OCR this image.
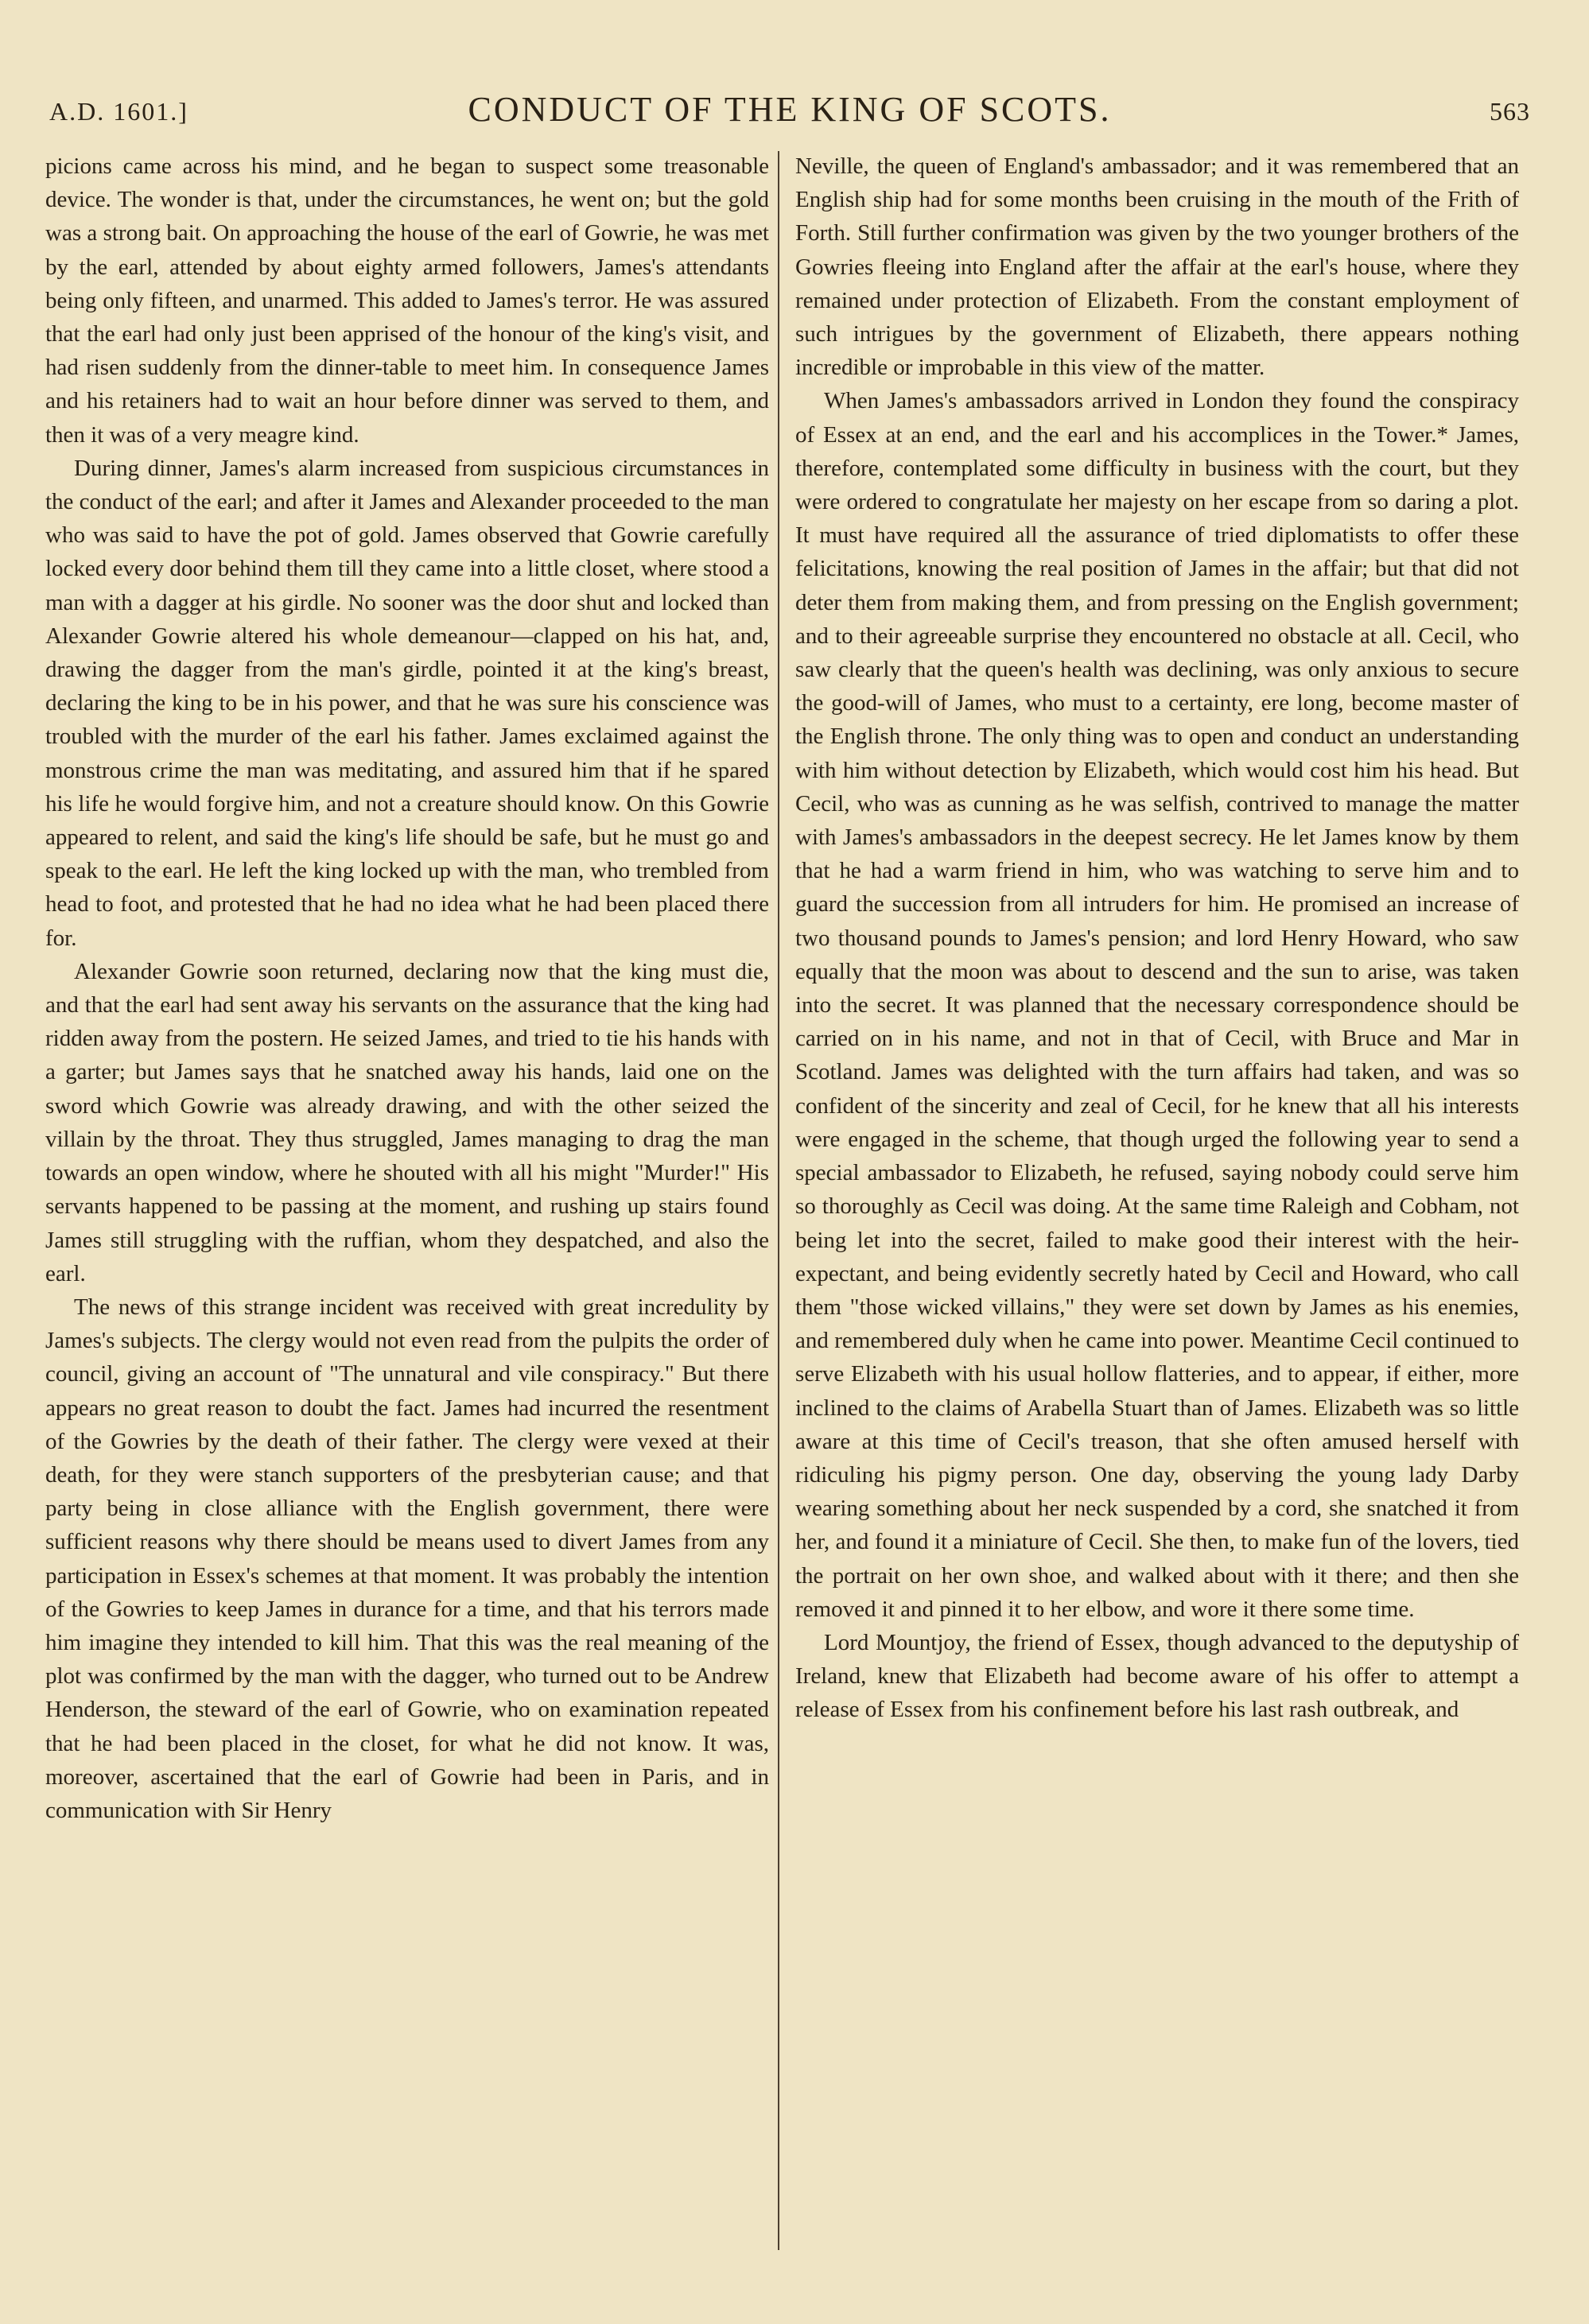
A.D. 1601.]	CONDUCT OF THE KING OF SCOTS.	563

picions came across his mind, and he began to suspect some treasonable device. The wonder is that, under the circumstances, he went on; but the gold was a strong bait. On approaching the house of the earl of Gowrie, he was met by the earl, attended by about eighty armed followers, James's attendants being only fifteen, and unarmed. This added to James's terror. He was assured that the earl had only just been apprised of the honour of the king's visit, and had risen suddenly from the dinner-table to meet him. In consequence James and his retainers had to wait an hour before dinner was served to them, and then it was of a very meagre kind.

During dinner, James's alarm increased from suspicious circumstances in the conduct of the earl; and after it James and Alexander proceeded to the man who was said to have the pot of gold. James observed that Gowrie carefully locked every door behind them till they came into a little closet, where stood a man with a dagger at his girdle. No sooner was the door shut and locked than Alexander Gowrie altered his whole demeanour—clapped on his hat, and, drawing the dagger from the man's girdle, pointed it at the king's breast, declaring the king to be in his power, and that he was sure his conscience was troubled with the murder of the earl his father. James exclaimed against the monstrous crime the man was meditating, and assured him that if he spared his life he would forgive him, and not a creature should know. On this Gowrie appeared to relent, and said the king's life should be safe, but he must go and speak to the earl. He left the king locked up with the man, who trembled from head to foot, and protested that he had no idea what he had been placed there for.

Alexander Gowrie soon returned, declaring now that the king must die, and that the earl had sent away his servants on the assurance that the king had ridden away from the postern. He seized James, and tried to tie his hands with a garter; but James says that he snatched away his hands, laid one on the sword which Gowrie was already drawing, and with the other seized the villain by the throat. They thus struggled, James managing to drag the man towards an open window, where he shouted with all his might "Murder!" His servants happened to be passing at the moment, and rushing up stairs found James still struggling with the ruffian, whom they despatched, and also the earl.

The news of this strange incident was received with great incredulity by James's subjects. The clergy would not even read from the pulpits the order of council, giving an account of "The unnatural and vile conspiracy." But there appears no great reason to doubt the fact. James had incurred the resentment of the Gowries by the death of their father. The clergy were vexed at their death, for they were stanch supporters of the presbyterian cause; and that party being in close alliance with the English government, there were sufficient reasons why there should be means used to divert James from any participation in Essex's schemes at that moment. It was probably the intention of the Gowries to keep James in durance for a time, and that his terrors made him imagine they intended to kill him. That this was the real meaning of the plot was confirmed by the man with the dagger, who turned out to be Andrew Henderson, the steward of the earl of Gowrie, who on examination repeated that he had been placed in the closet, for what he did not know. It was, moreover, ascertained that the earl of Gowrie had been in Paris, and in communication with Sir Henry

Neville, the queen of England's ambassador; and it was remembered that an English ship had for some months been cruising in the mouth of the Frith of Forth. Still further confirmation was given by the two younger brothers of the Gowries fleeing into England after the affair at the earl's house, where they remained under protection of Elizabeth. From the constant employment of such intrigues by the government of Elizabeth, there appears nothing incredible or improbable in this view of the matter.

When James's ambassadors arrived in London they found the conspiracy of Essex at an end, and the earl and his accomplices in the Tower.* James, therefore, contemplated some difficulty in business with the court, but they were ordered to congratulate her majesty on her escape from so daring a plot. It must have required all the assurance of tried diplomatists to offer these felicitations, knowing the real position of James in the affair; but that did not deter them from making them, and from pressing on the English government; and to their agreeable surprise they encountered no obstacle at all. Cecil, who saw clearly that the queen's health was declining, was only anxious to secure the good-will of James, who must to a certainty, ere long, become master of the English throne. The only thing was to open and conduct an understanding with him without detection by Elizabeth, which would cost him his head. But Cecil, who was as cunning as he was selfish, contrived to manage the matter with James's ambassadors in the deepest secrecy. He let James know by them that he had a warm friend in him, who was watching to serve him and to guard the succession from all intruders for him. He promised an increase of two thousand pounds to James's pension; and lord Henry Howard, who saw equally that the moon was about to descend and the sun to arise, was taken into the secret. It was planned that the necessary correspondence should be carried on in his name, and not in that of Cecil, with Bruce and Mar in Scotland. James was delighted with the turn affairs had taken, and was so confident of the sincerity and zeal of Cecil, for he knew that all his interests were engaged in the scheme, that though urged the following year to send a special ambassador to Elizabeth, he refused, saying nobody could serve him so thoroughly as Cecil was doing. At the same time Raleigh and Cobham, not being let into the secret, failed to make good their interest with the heir-expectant, and being evidently secretly hated by Cecil and Howard, who call them "those wicked villains," they were set down by James as his enemies, and remembered duly when he came into power. Meantime Cecil continued to serve Elizabeth with his usual hollow flatteries, and to appear, if either, more inclined to the claims of Arabella Stuart than of James. Elizabeth was so little aware at this time of Cecil's treason, that she often amused herself with ridiculing his pigmy person. One day, observing the young lady Darby wearing something about her neck suspended by a cord, she snatched it from her, and found it a miniature of Cecil. She then, to make fun of the lovers, tied the portrait on her own shoe, and walked about with it there; and then she removed it and pinned it to her elbow, and wore it there some time.

Lord Mountjoy, the friend of Essex, though advanced to the deputyship of Ireland, knew that Elizabeth had become aware of his offer to attempt a release of Essex from his confinement before his last rash outbreak, and
